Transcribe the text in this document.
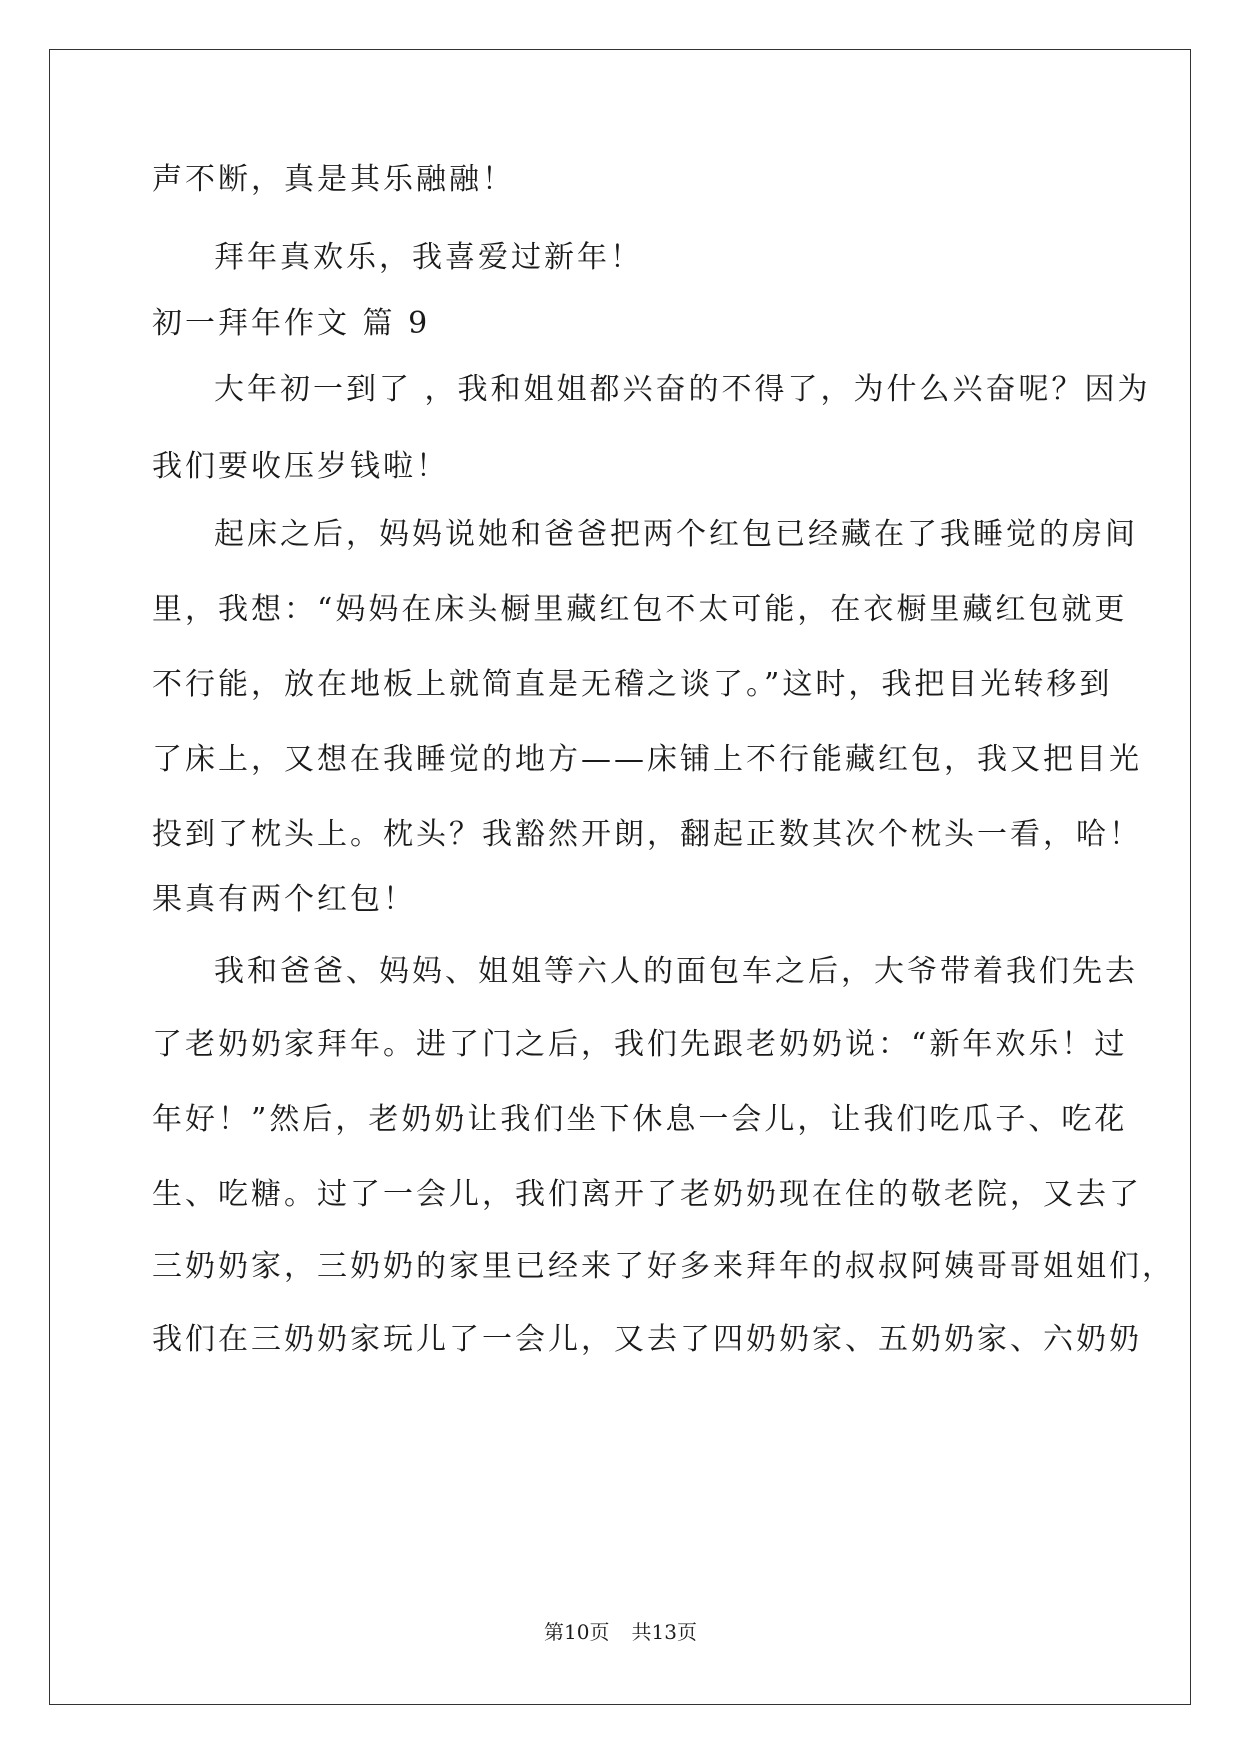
声不断，真是其乐融融！
拜年真欢乐，我喜爱过新年！
初一拜年作文 篇 9
大年初一到了 ，我和姐姐都兴奋的不得了，为什么兴奋呢？因为
我们要收压岁钱啦！
起床之后，妈妈说她和爸爸把两个红包已经藏在了我睡觉的房间
里，我想：“妈妈在床头橱里藏红包不太可能，在衣橱里藏红包就更
不行能，放在地板上就简直是无稽之谈了。”这时，我把目光转移到
了床上，又想在我睡觉的地方——床铺上不行能藏红包，我又把目光
投到了枕头上。枕头？我豁然开朗，翻起正数其次个枕头一看，哈！
果真有两个红包！
我和爸爸、妈妈、姐姐等六人的面包车之后，大爷带着我们先去
了老奶奶家拜年。进了门之后，我们先跟老奶奶说：“新年欢乐！过
年好！”然后，老奶奶让我们坐下休息一会儿，让我们吃瓜子、吃花
生、吃糖。过了一会儿，我们离开了老奶奶现在住的敬老院，又去了
三奶奶家，三奶奶的家里已经来了好多来拜年的叔叔阿姨哥哥姐姐们，
我们在三奶奶家玩儿了一会儿，又去了四奶奶家、五奶奶家、六奶奶
第10页 共13页
